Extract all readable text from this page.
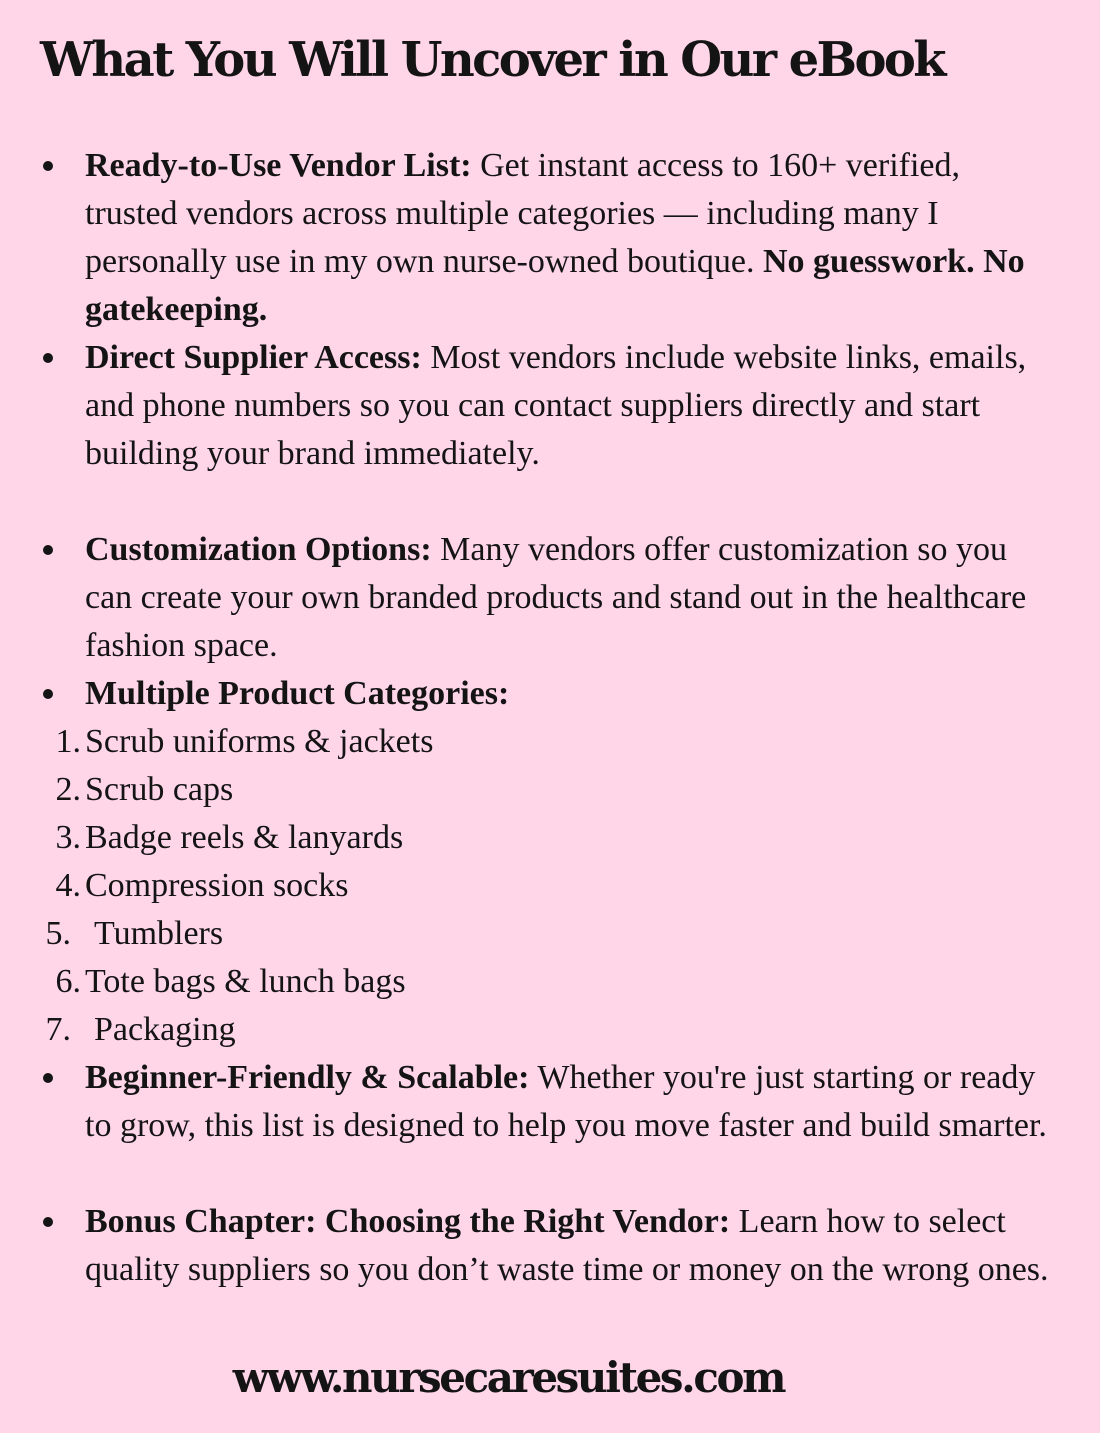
What You Will Uncover in Our eBook
Ready-to-Use Vendor List: Get instant access to 160+ verified, trusted vendors across multiple categories — including many I personally use in my own nurse-owned boutique. No guesswork. No gatekeeping.
Direct Supplier Access: Most vendors include website links, emails, and phone numbers so you can contact suppliers directly and start building your brand immediately.
Customization Options: Many vendors offer customization so you can create your own branded products and stand out in the healthcare fashion space.
Multiple Product Categories:
1. Scrub uniforms & jackets
2. Scrub caps
3. Badge reels & lanyards
4. Compression socks
5. Tumblers
6. Tote bags & lunch bags
7. Packaging
Beginner-Friendly & Scalable: Whether you're just starting or ready to grow, this list is designed to help you move faster and build smarter.
Bonus Chapter: Choosing the Right Vendor: Learn how to select quality suppliers so you don’t waste time or money on the wrong ones.
www.nursecaresuites.com
